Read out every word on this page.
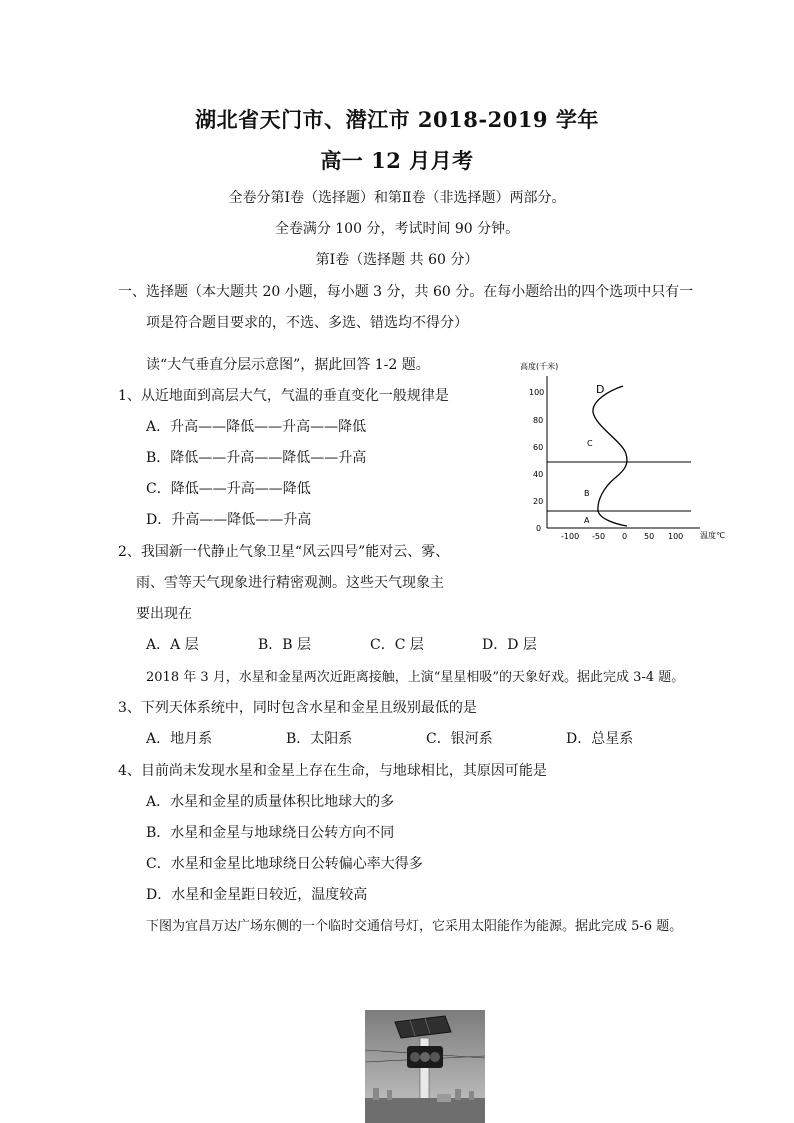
湖北省天门市、潜江市 2018-2019 学年
高一 12 月月考
全卷分第Ⅰ卷（选择题）和第Ⅱ卷（非选择题）两部分。
全卷满分 100 分，考试时间 90 分钟。
第Ⅰ卷（选择题 共 60 分）
一、选择题（本大题共 20 小题，每小题 3 分，共 60 分。在每小题给出的四个选项中只有一
项是符合题目要求的，不选、多选、错选均不得分）
读“大气垂直分层示意图”，据此回答 1-2 题。
1、从近地面到高层大气，气温的垂直变化一般规律是
A．升高——降低——升高——降低
B．降低——升高——降低——升高
C．降低——升高——降低
D．升高——降低——升高
2、我国新一代静止气象卫星“风云四号”能对云、雾、
雨、雪等天气现象进行精密观测。这些天气现象主
要出现在
A．A 层	B．B 层	C．C 层	D．D 层
2018 年 3 月，水星和金星两次近距离接触，上演“星星相吸”的天象好戏。据此完成 3-4 题。
3、下列天体系统中，同时包含水星和金星且级别最低的是
A．地月系	B．太阳系	C．银河系	D．总星系
4、目前尚未发现水星和金星上存在生命，与地球相比，其原因可能是
A．水星和金星的质量体积比地球大的多
B．水星和金星与地球绕日公转方向不同
C．水星和金星比地球绕日公转偏心率大得多
D．水星和金星距日较近，温度较高
下图为宜昌万达广场东侧的一个临时交通信号灯，它采用太阳能作为能源。据此完成 5-6 题。
高度(千米)
100
80
60
40
20
0
-100 -50 0 50 100 温度℃
A
B
C
D
